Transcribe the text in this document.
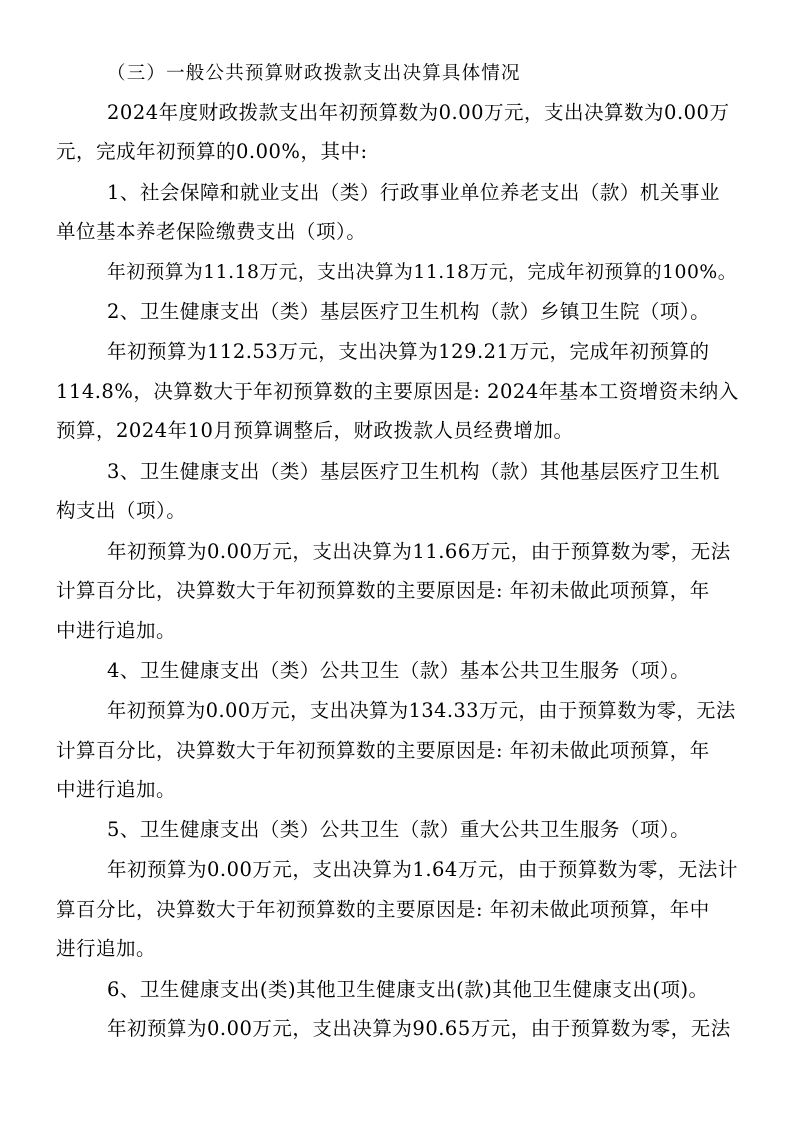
（三）一般公共预算财政拨款支出决算具体情况

2024年度财政拨款支出年初预算数为0.00万元，支出决算数为0.00万

元，完成年初预算的0.00%，其中:

1、社会保障和就业支出（类）行政事业单位养老支出（款）机关事业

单位基本养老保险缴费支出（项）。

年初预算为11.18万元，支出决算为11.18万元，完成年初预算的100%。

2、卫生健康支出（类）基层医疗卫生机构（款）乡镇卫生院（项）。

年初预算为112.53万元，支出决算为129.21万元，完成年初预算的

114.8%，决算数大于年初预算数的主要原因是: 2024年基本工资增资未纳入

预算，2024年10月预算调整后，财政拨款人员经费增加。

3、卫生健康支出（类）基层医疗卫生机构（款）其他基层医疗卫生机

构支出（项）。

年初预算为0.00万元，支出决算为11.66万元，由于预算数为零，无法

计算百分比，决算数大于年初预算数的主要原因是: 年初未做此项预算，年

中进行追加。

4、卫生健康支出（类）公共卫生（款）基本公共卫生服务（项）。

年初预算为0.00万元，支出决算为134.33万元，由于预算数为零，无法

计算百分比，决算数大于年初预算数的主要原因是: 年初未做此项预算，年

中进行追加。

5、卫生健康支出（类）公共卫生（款）重大公共卫生服务（项）。

年初预算为0.00万元，支出决算为1.64万元，由于预算数为零，无法计

算百分比，决算数大于年初预算数的主要原因是: 年初未做此项预算，年中

进行追加。

6、卫生健康支出(类)其他卫生健康支出(款)其他卫生健康支出(项)。

年初预算为0.00万元，支出决算为90.65万元，由于预算数为零，无法
